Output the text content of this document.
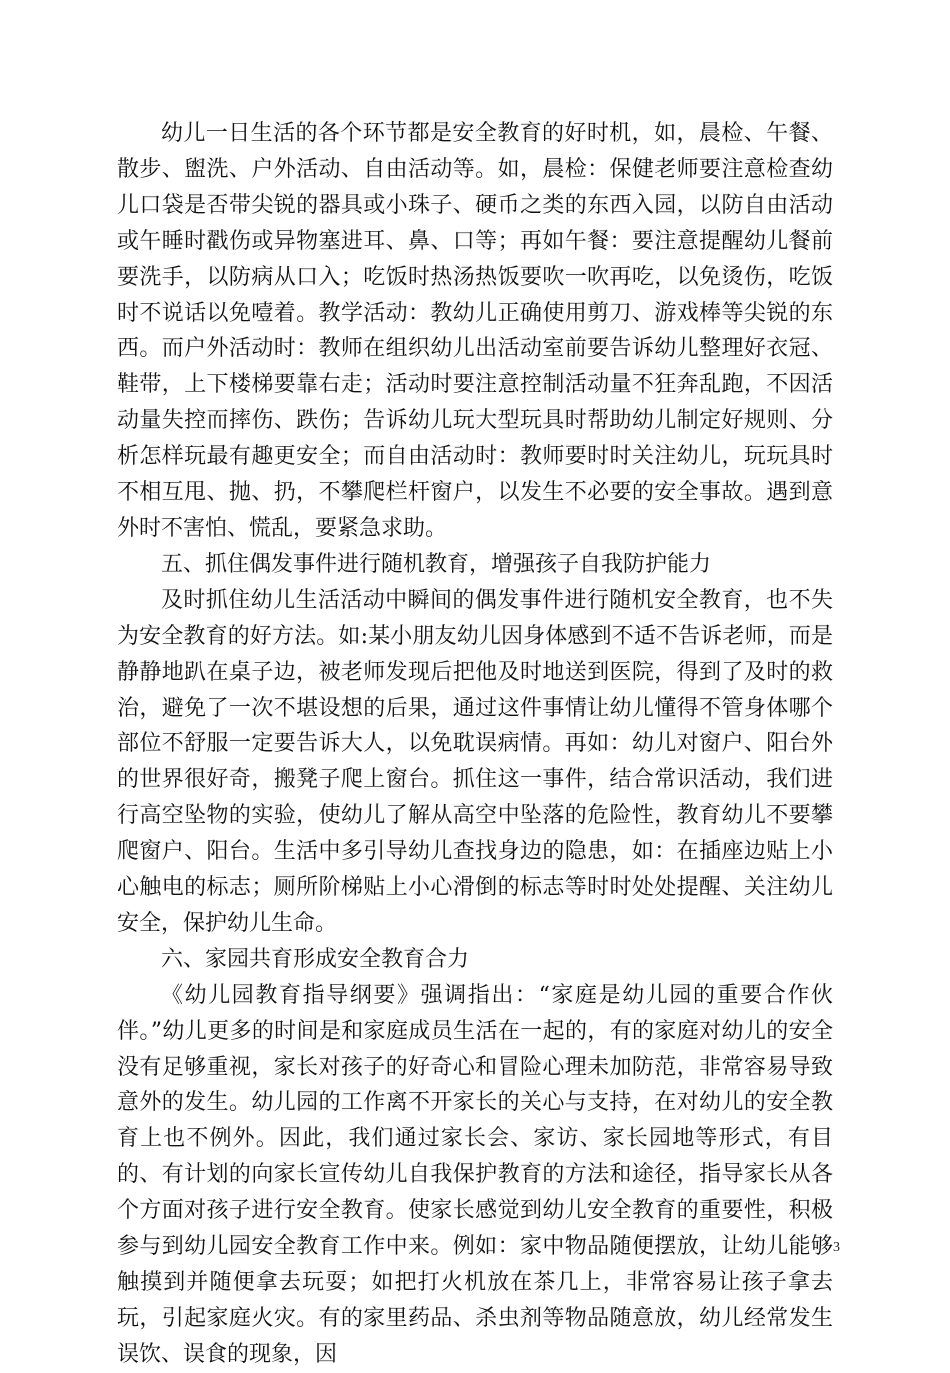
幼儿一日生活的各个环节都是安全教育的好时机，如，晨检、午餐、散步、盥洗、户外活动、自由活动等。如，晨检：保健老师要注意检查幼儿口袋是否带尖锐的器具或小珠子、硬币之类的东西入园，以防自由活动或午睡时戳伤或异物塞进耳、鼻、口等；再如午餐：要注意提醒幼儿餐前要洗手，以防病从口入；吃饭时热汤热饭要吹一吹再吃，以免烫伤，吃饭时不说话以免噎着。教学活动：教幼儿正确使用剪刀、游戏棒等尖锐的东西。而户外活动时：教师在组织幼儿出活动室前要告诉幼儿整理好衣冠、鞋带，上下楼梯要靠右走；活动时要注意控制活动量不狂奔乱跑，不因活动量失控而摔伤、跌伤；告诉幼儿玩大型玩具时帮助幼儿制定好规则、分析怎样玩最有趣更安全；而自由活动时：教师要时时关注幼儿，玩玩具时不相互甩、抛、扔，不攀爬栏杆窗户，以发生不必要的安全事故。遇到意外时不害怕、慌乱，要紧急求助。

五、抓住偶发事件进行随机教育，增强孩子自我防护能力

及时抓住幼儿生活活动中瞬间的偶发事件进行随机安全教育，也不失为安全教育的好方法。如:某小朋友幼儿因身体感到不适不告诉老师，而是静静地趴在桌子边，被老师发现后把他及时地送到医院，得到了及时的救治，避免了一次不堪设想的后果，通过这件事情让幼儿懂得不管身体哪个部位不舒服一定要告诉大人，以免耽误病情。再如：幼儿对窗户、阳台外的世界很好奇，搬凳子爬上窗台。抓住这一事件，结合常识活动，我们进行高空坠物的实验，使幼儿了解从高空中坠落的危险性，教育幼儿不要攀爬窗户、阳台。生活中多引导幼儿查找身边的隐患，如：在插座边贴上小心触电的标志；厕所阶梯贴上小心滑倒的标志等时时处处提醒、关注幼儿安全，保护幼儿生命。

六、家园共育形成安全教育合力

《幼儿园教育指导纲要》强调指出：“家庭是幼儿园的重要合作伙伴。”幼儿更多的时间是和家庭成员生活在一起的，有的家庭对幼儿的安全没有足够重视，家长对孩子的好奇心和冒险心理未加防范，非常容易导致意外的发生。幼儿园的工作离不开家长的关心与支持，在对幼儿的安全教育上也不例外。因此，我们通过家长会、家访、家长园地等形式，有目的、有计划的向家长宣传幼儿自我保护教育的方法和途径，指导家长从各个方面对孩子进行安全教育。使家长感觉到幼儿安全教育的重要性，积极参与到幼儿园安全教育工作中来。例如：家中物品随便摆放，让幼儿能够触摸到并随便拿去玩耍；如把打火机放在茶几上，非常容易让孩子拿去玩，引起家庭火灾。有的家里药品、杀虫剂等物品随意放，幼儿经常发生误饮、误食的现象，因

3
